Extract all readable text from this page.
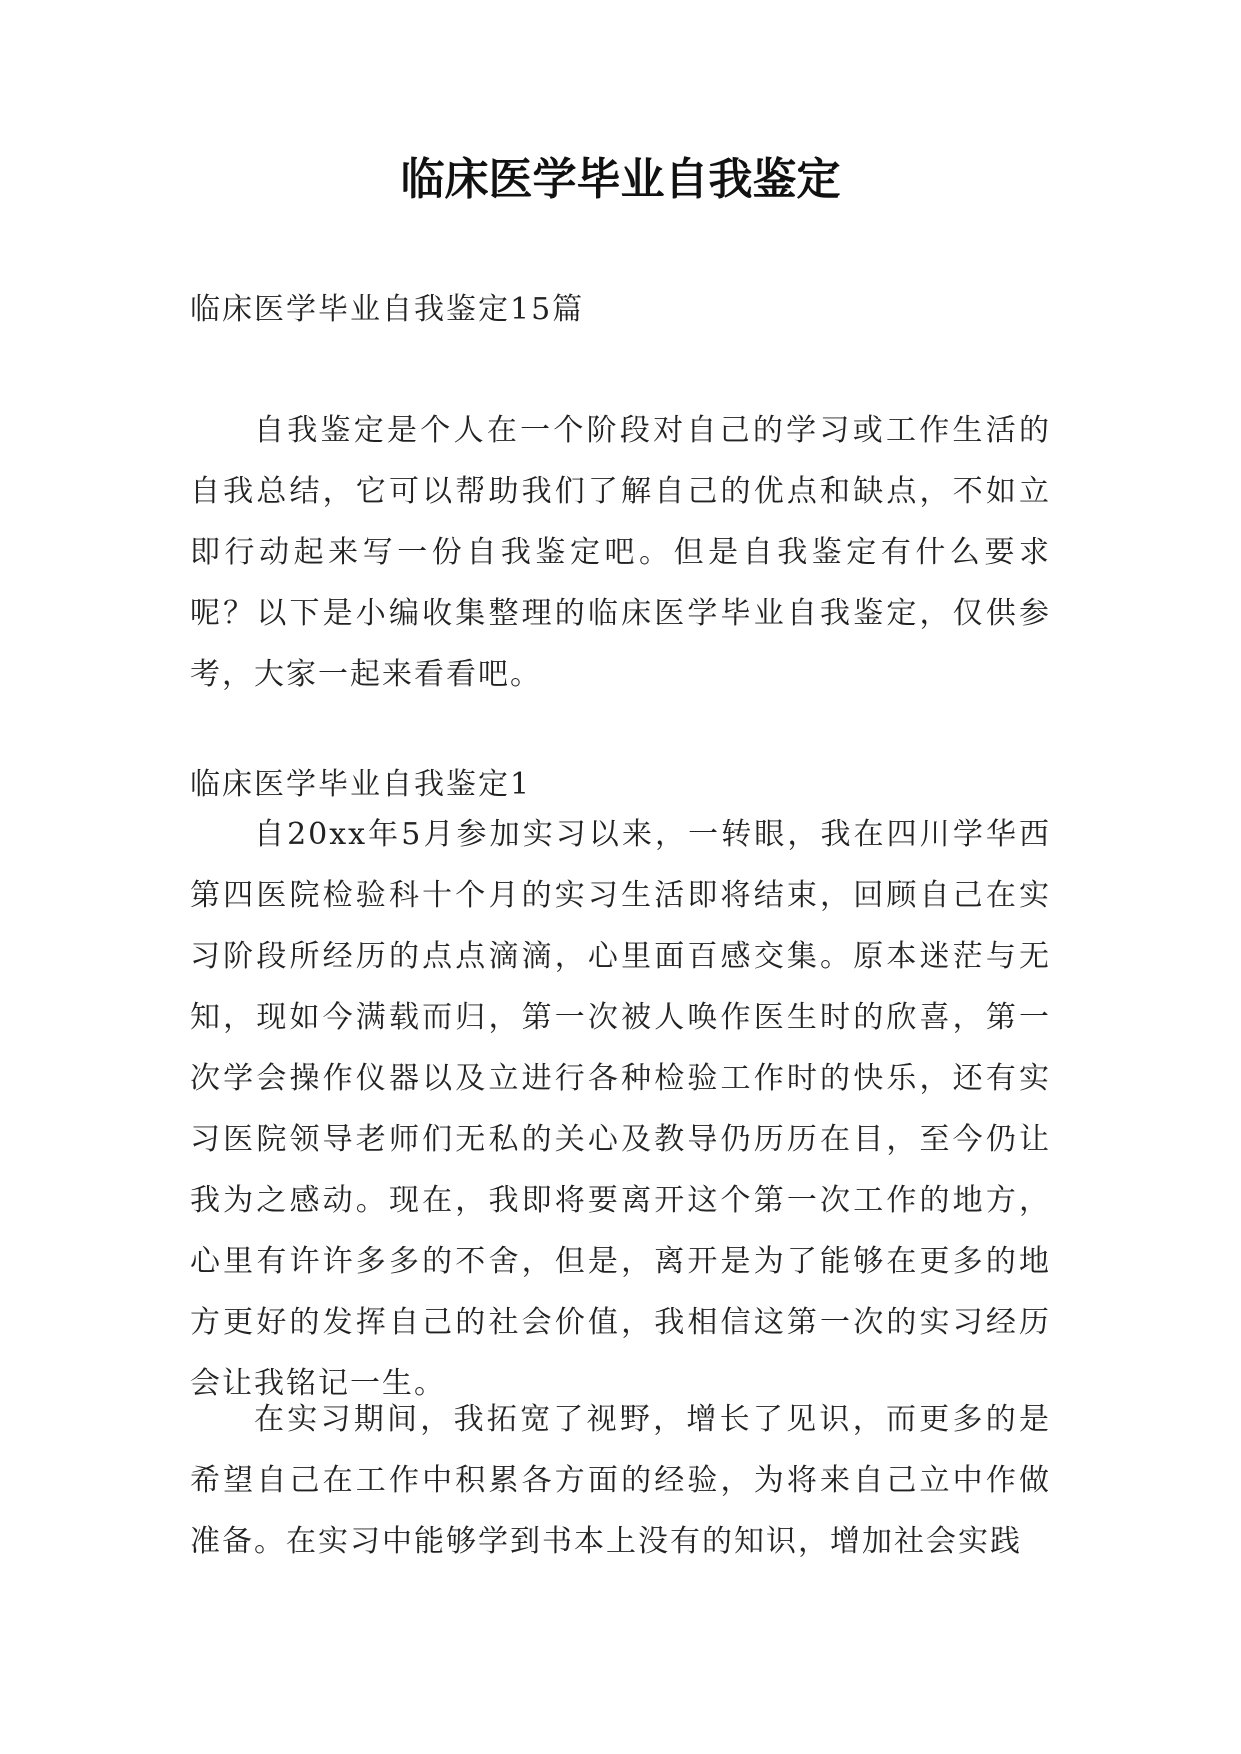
临床医学毕业自我鉴定

临床医学毕业自我鉴定15篇

自我鉴定是个人在一个阶段对自己的学习或工作生活的自我总结，它可以帮助我们了解自己的优点和缺点，不如立即行动起来写一份自我鉴定吧。但是自我鉴定有什么要求呢？以下是小编收集整理的临床医学毕业自我鉴定，仅供参考，大家一起来看看吧。

临床医学毕业自我鉴定1

自20xx年5月参加实习以来，一转眼，我在四川学华西第四医院检验科十个月的实习生活即将结束，回顾自己在实习阶段所经历的点点滴滴，心里面百感交集。原本迷茫与无知，现如今满载而归，第一次被人唤作医生时的欣喜，第一次学会操作仪器以及立进行各种检验工作时的快乐，还有实习医院领导老师们无私的关心及教导仍历历在目，至今仍让我为之感动。现在，我即将要离开这个第一次工作的地方，心里有许许多多的不舍，但是，离开是为了能够在更多的地方更好的发挥自己的社会价值，我相信这第一次的实习经历会让我铭记一生。

在实习期间，我拓宽了视野，增长了见识，而更多的是希望自己在工作中积累各方面的经验，为将来自己立中作做准备。在实习中能够学到书本上没有的知识，增加社会实践
